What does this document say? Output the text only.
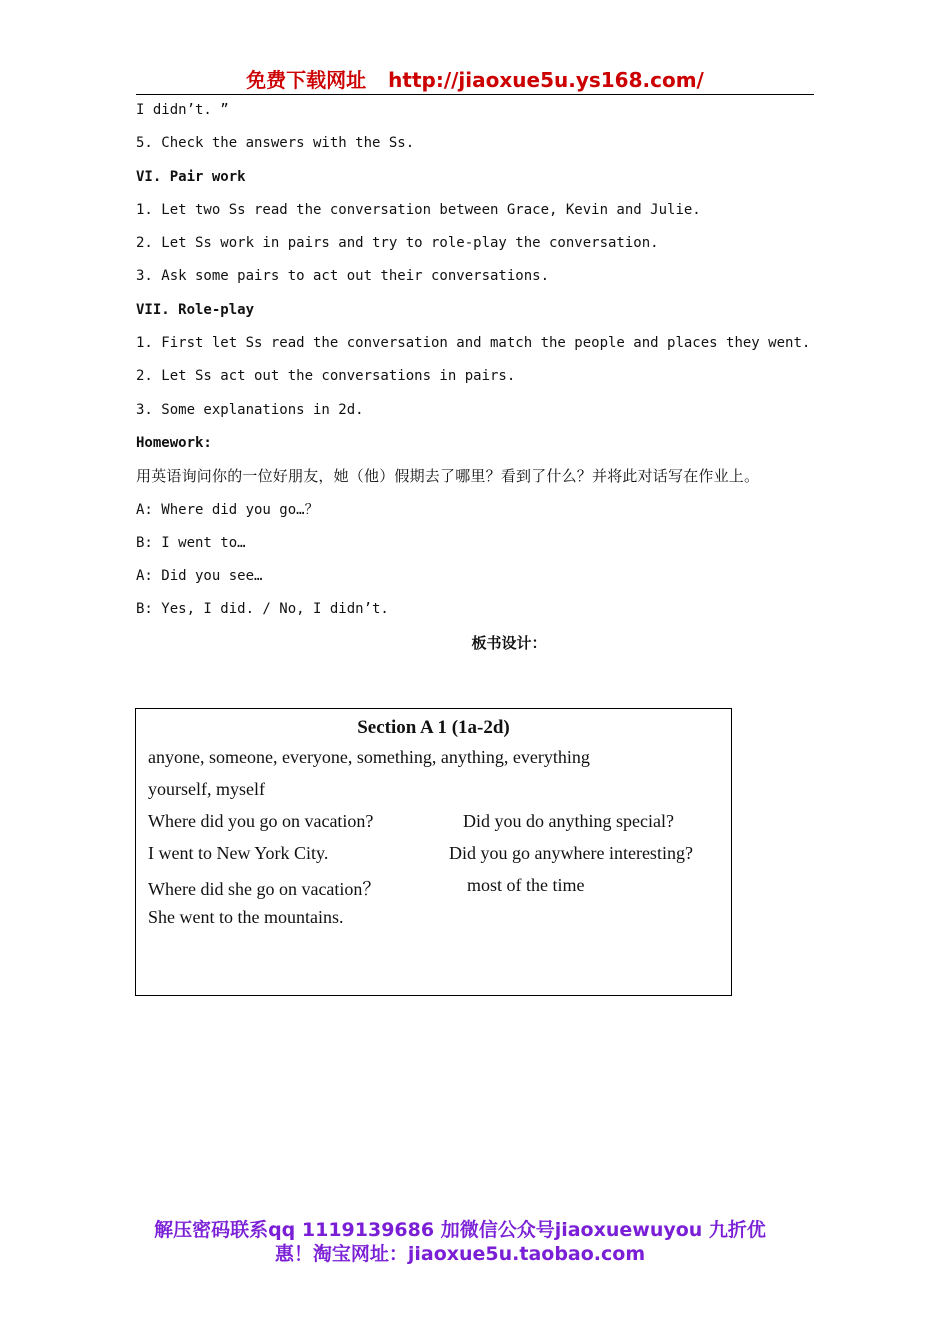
免费下载网址 http://jiaoxue5u.ys168.com/
I didn’t. ”
5. Check the answers with the Ss.
VI. Pair work
1. Let two Ss read the conversation between Grace, Kevin and Julie.
2. Let Ss work in pairs and try to role-play the conversation.
3. Ask some pairs to act out their conversations.
VII. Role-play
1. First let Ss read the conversation and match the people and places they went.
2. Let Ss act out the conversations in pairs.
3. Some explanations in 2d.
Homework:
用英语询问你的一位好朋友，她（他）假期去了哪里？看到了什么？并将此对话写在作业上。
A: Where did you go…？
B: I went to…
A: Did you see…
B: Yes, I did. / No, I didn’t.
板书设计：
Section A 1 (1a-2d)
anyone, someone, everyone, something, anything, everything
yourself, myself
Where did you go on vacation?
I went to New York City.
Where did she go on vacation？
She went to the mountains.
Did you do anything special?
Did you go anywhere interesting?
most of the time
解压密码联系qq 1119139686 加微信公众号jiaoxuewuyou 九折优
惠！淘宝网址：jiaoxue5u.taobao.com
